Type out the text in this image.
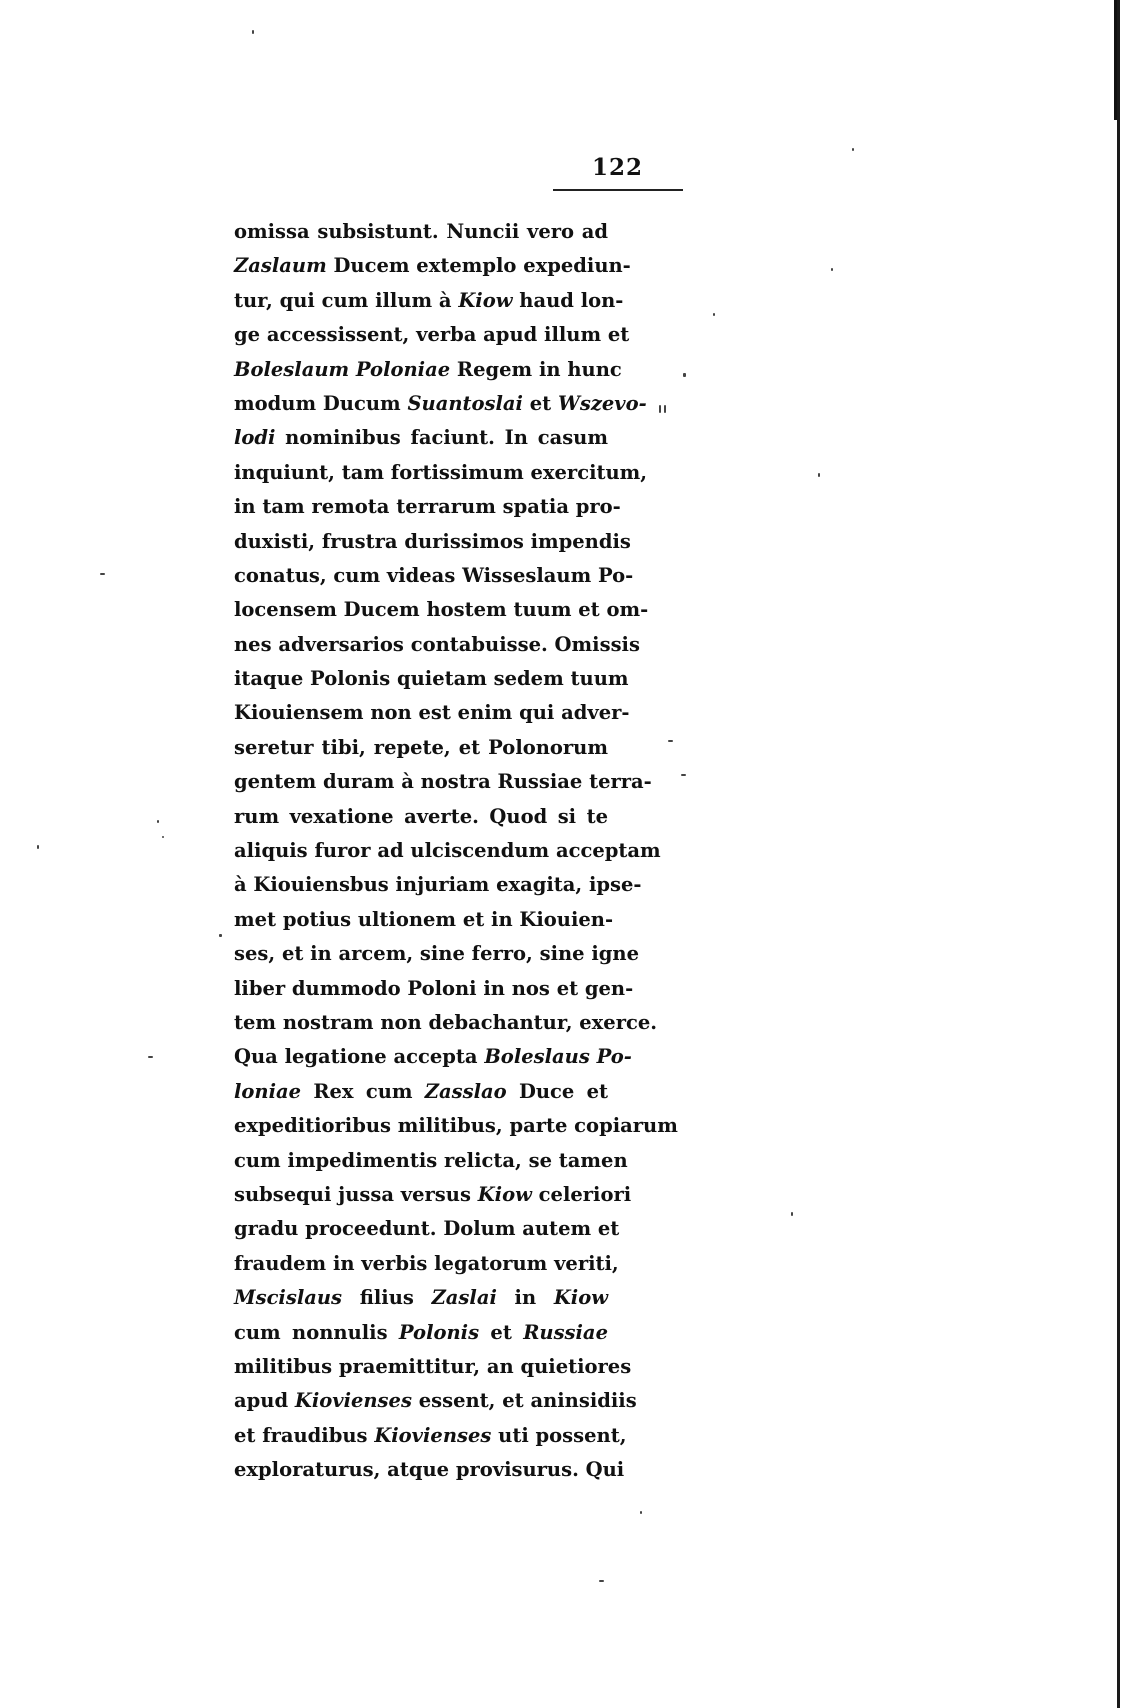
122
omissa subsistunt. Nuncii vero ad
Zaslaum Ducem extemplo expediun-
tur, qui cum illum à Kiow haud lon-
ge accessissent, verba apud illum et
Boleslaum Poloniae Regem in hunc
modum Ducum Suantoslai et Wszevo-
lodi nominibus faciunt. In casum
inquiunt, tam fortissimum exercitum,
in tam remota terrarum spatia pro-
duxisti, frustra durissimos impendis
conatus, cum videas Wisseslaum Po-
locensem Ducem hostem tuum et om-
nes adversarios contabuisse. Omissis
itaque Polonis quietam sedem tuum
Kiouiensem non est enim qui adver-
seretur tibi, repete, et Polonorum
gentem duram à nostra Russiae terra-
rum vexatione averte. Quod si te
aliquis furor ad ulciscendum acceptam
à Kiouiensbus injuriam exagita, ipse-
met potius ultionem et in Kiouien-
ses, et in arcem, sine ferro, sine igne
liber dummodo Poloni in nos et gen-
tem nostram non debachantur, exerce.
Qua legatione accepta Boleslaus Po-
loniae Rex cum Zasslao Duce et
expeditioribus militibus, parte copiarum
cum impedimentis relicta, se tamen
subsequi jussa versus Kiow celeriori
gradu proceedunt. Dolum autem et
fraudem in verbis legatorum veriti,
Mscislaus filius Zaslai in Kiow
cum nonnulis Polonis et Russiae
militibus praemittitur, an quietiores
apud Kiovienses essent, et aninsidiis
et fraudibus Kiovienses uti possent,
exploraturus, atque provisurus. Qui
